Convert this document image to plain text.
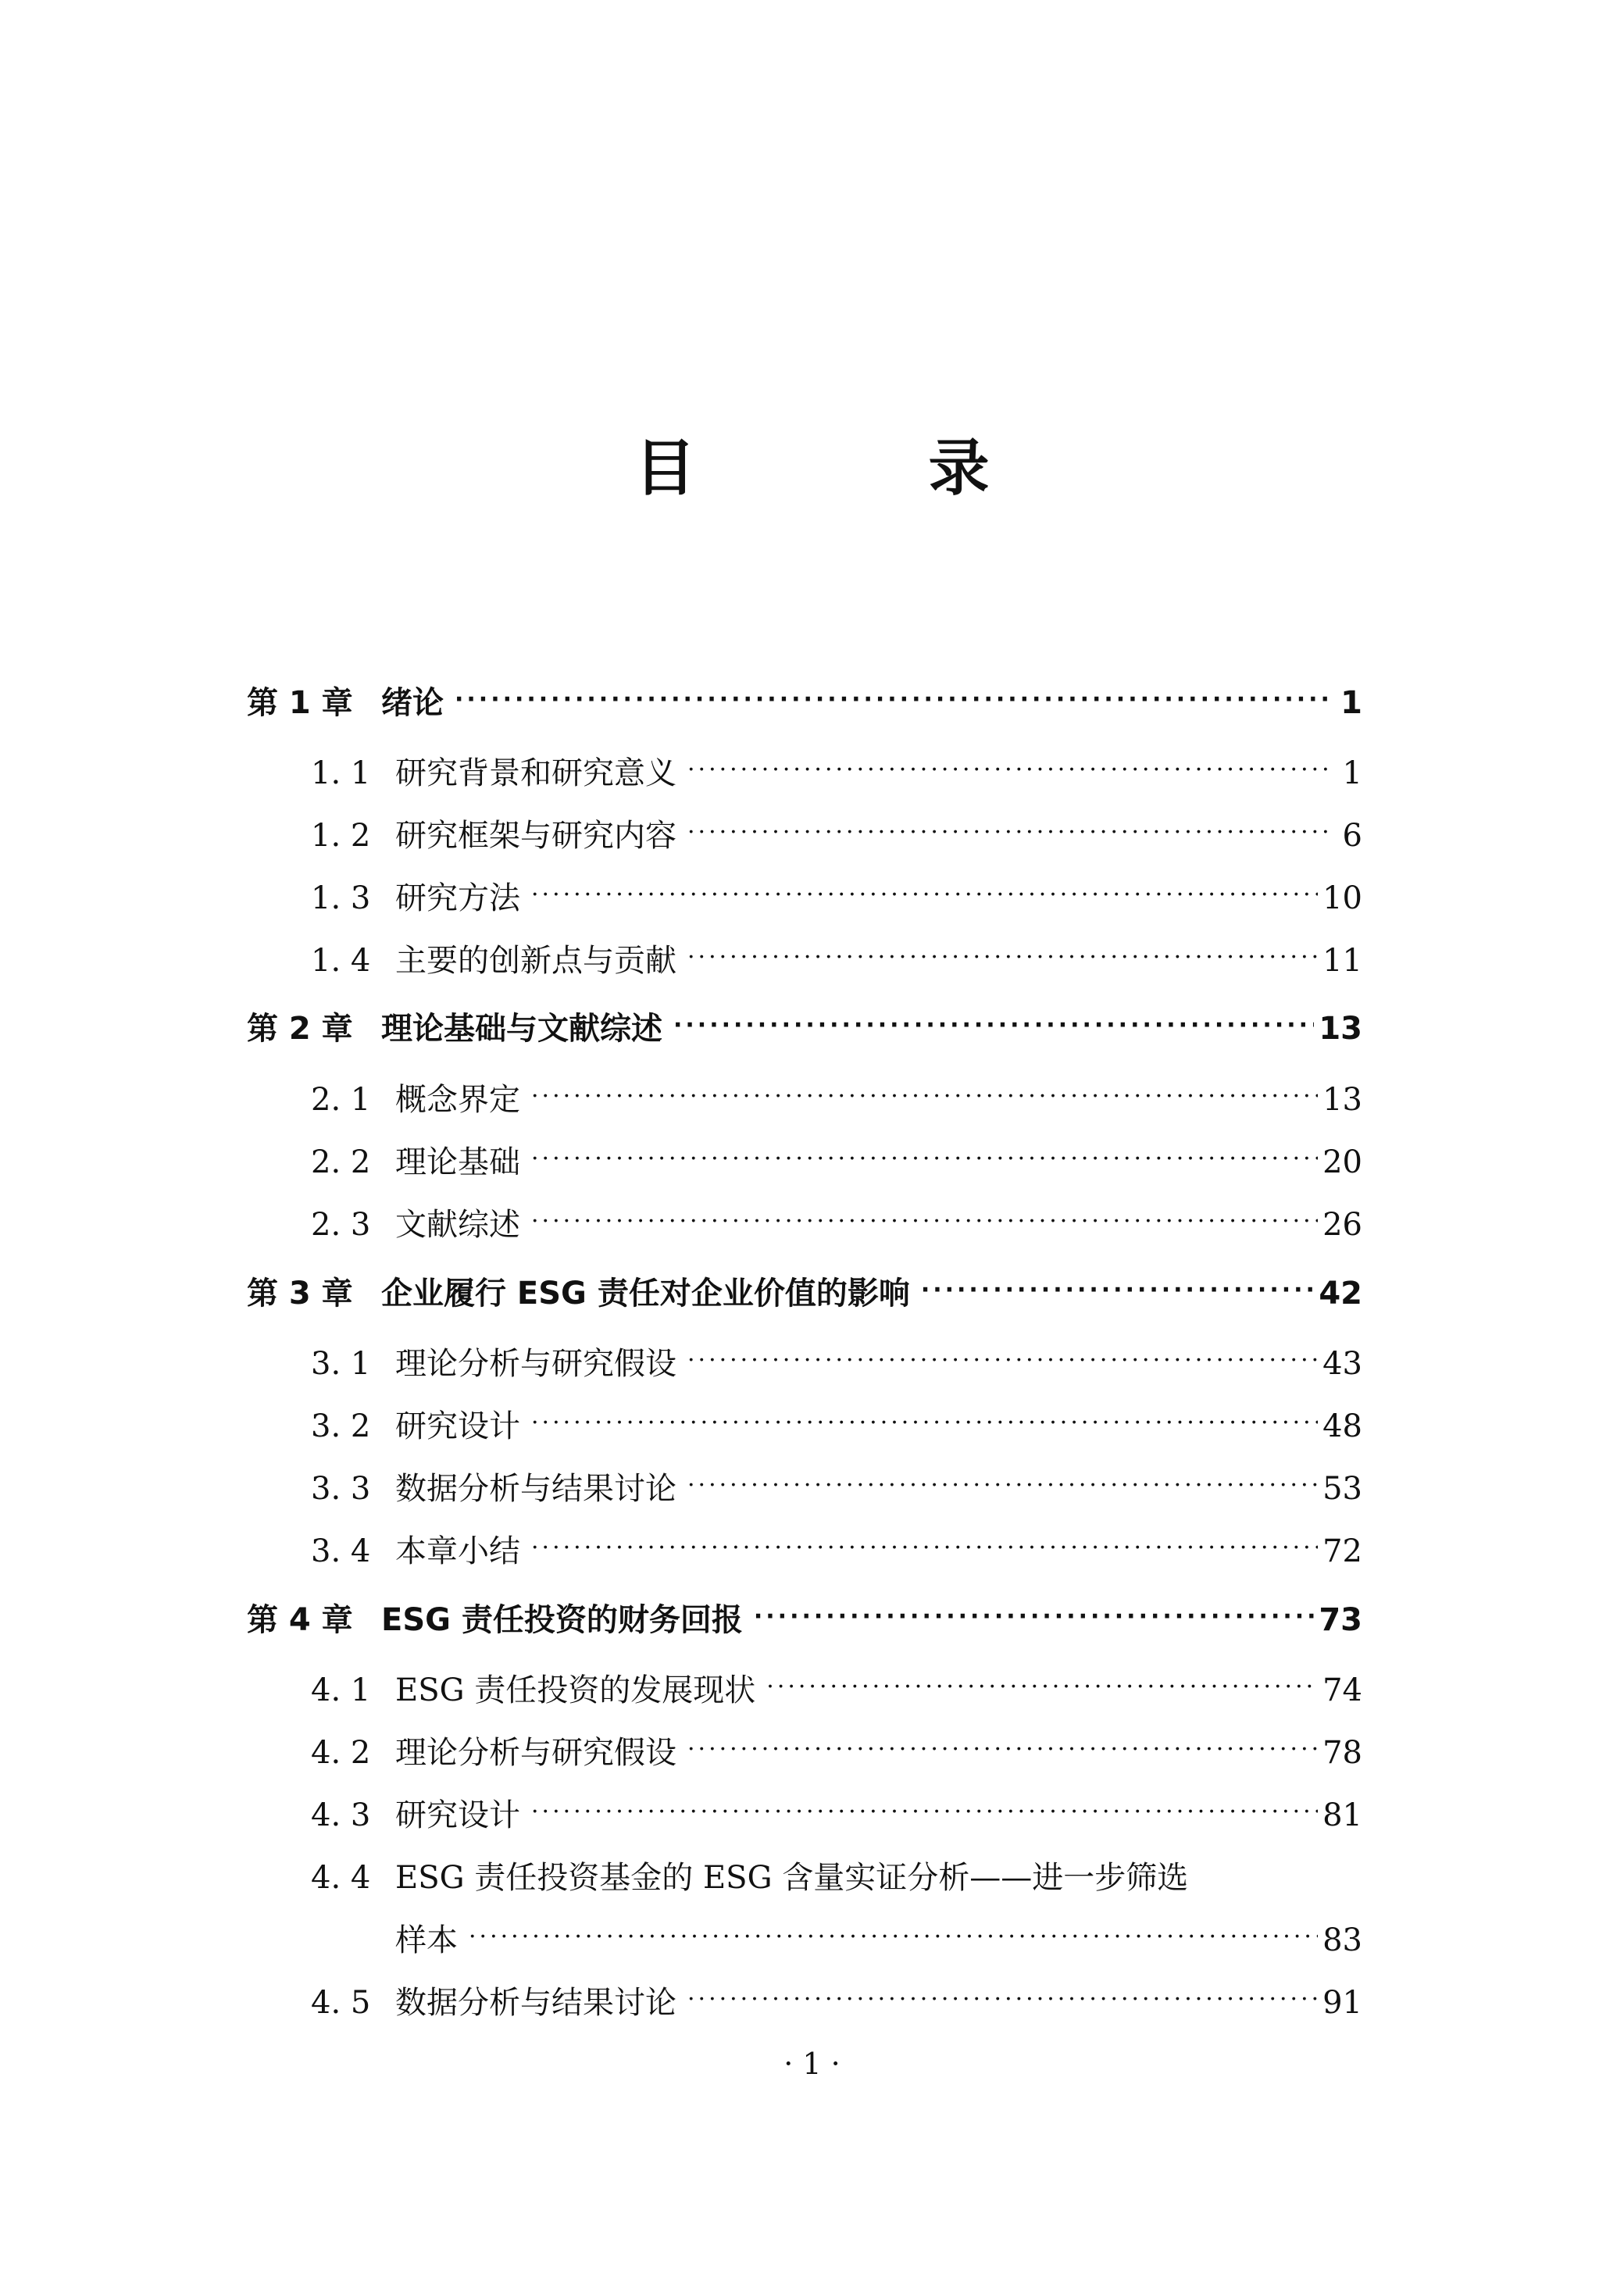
目　录
第 1 章 绪论 ·····	1
1. 1 研究背景和研究意义 ·····	1
1. 2 研究框架与研究内容 ·····	6
1. 3 研究方法 ·····	10
1. 4 主要的创新点与贡献 ·····	11
第 2 章 理论基础与文献综述 ·····	13
2. 1 概念界定 ·····	13
2. 2 理论基础 ·····	20
2. 3 文献综述 ·····	26
第 3 章 企业履行 ESG 责任对企业价值的影响 ·····	42
3. 1 理论分析与研究假设 ·····	43
3. 2 研究设计 ·····	48
3. 3 数据分析与结果讨论 ·····	53
3. 4 本章小结 ·····	72
第 4 章 ESG 责任投资的财务回报 ·····	73
4. 1 ESG 责任投资的发展现状 ·····	74
4. 2 理论分析与研究假设 ·····	78
4. 3 研究设计 ·····	81
4. 4 ESG 责任投资基金的 ESG 含量实证分析——进一步筛选
样本 ·····	83
4. 5 数据分析与结果讨论 ·····	91
· 1 ·
